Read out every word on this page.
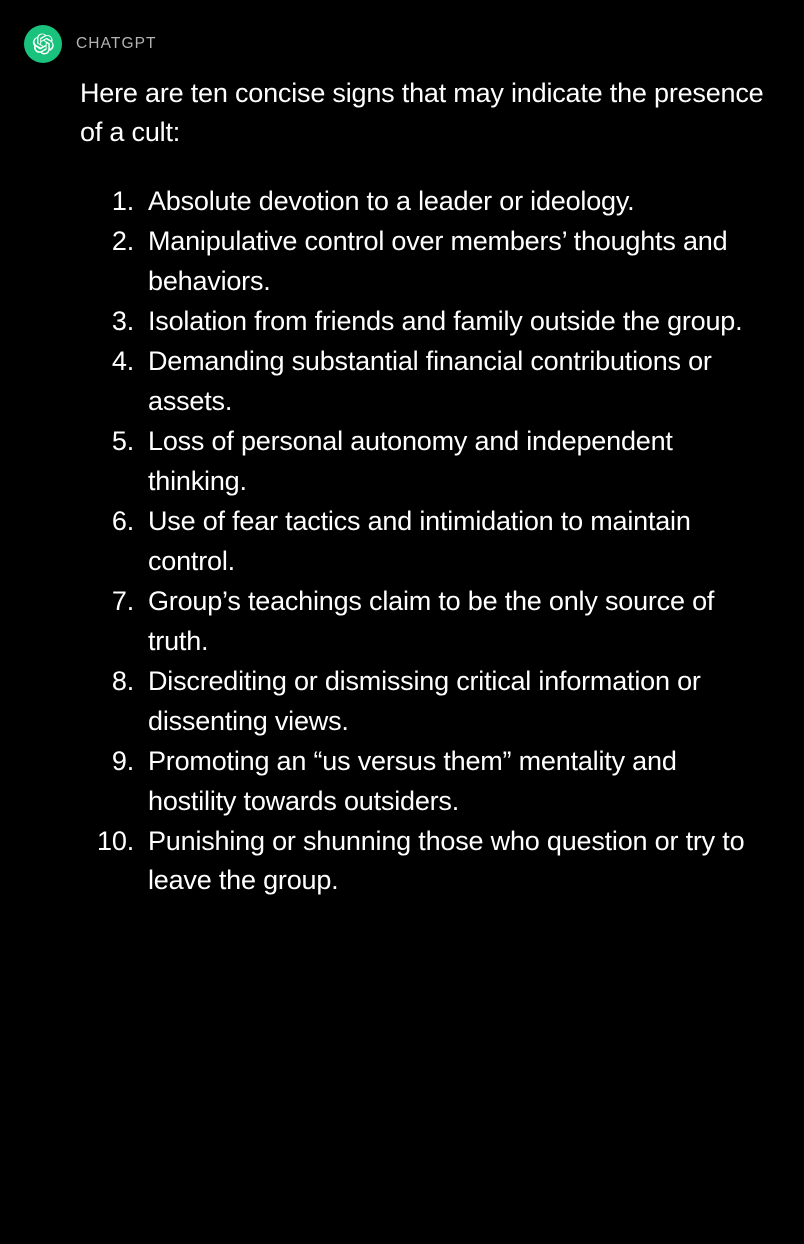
CHATGPT

Here are ten concise signs that may indicate the presence of a cult:

Absolute devotion to a leader or ideology.
Manipulative control over members’ thoughts and behaviors.
Isolation from friends and family outside the group.
Demanding substantial financial contributions or assets.
Loss of personal autonomy and independent thinking.
Use of fear tactics and intimidation to maintain control.
Group’s teachings claim to be the only source of truth.
Discrediting or dismissing critical information or dissenting views.
Promoting an “us versus them” mentality and hostility towards outsiders.
Punishing or shunning those who question or try to leave the group.
